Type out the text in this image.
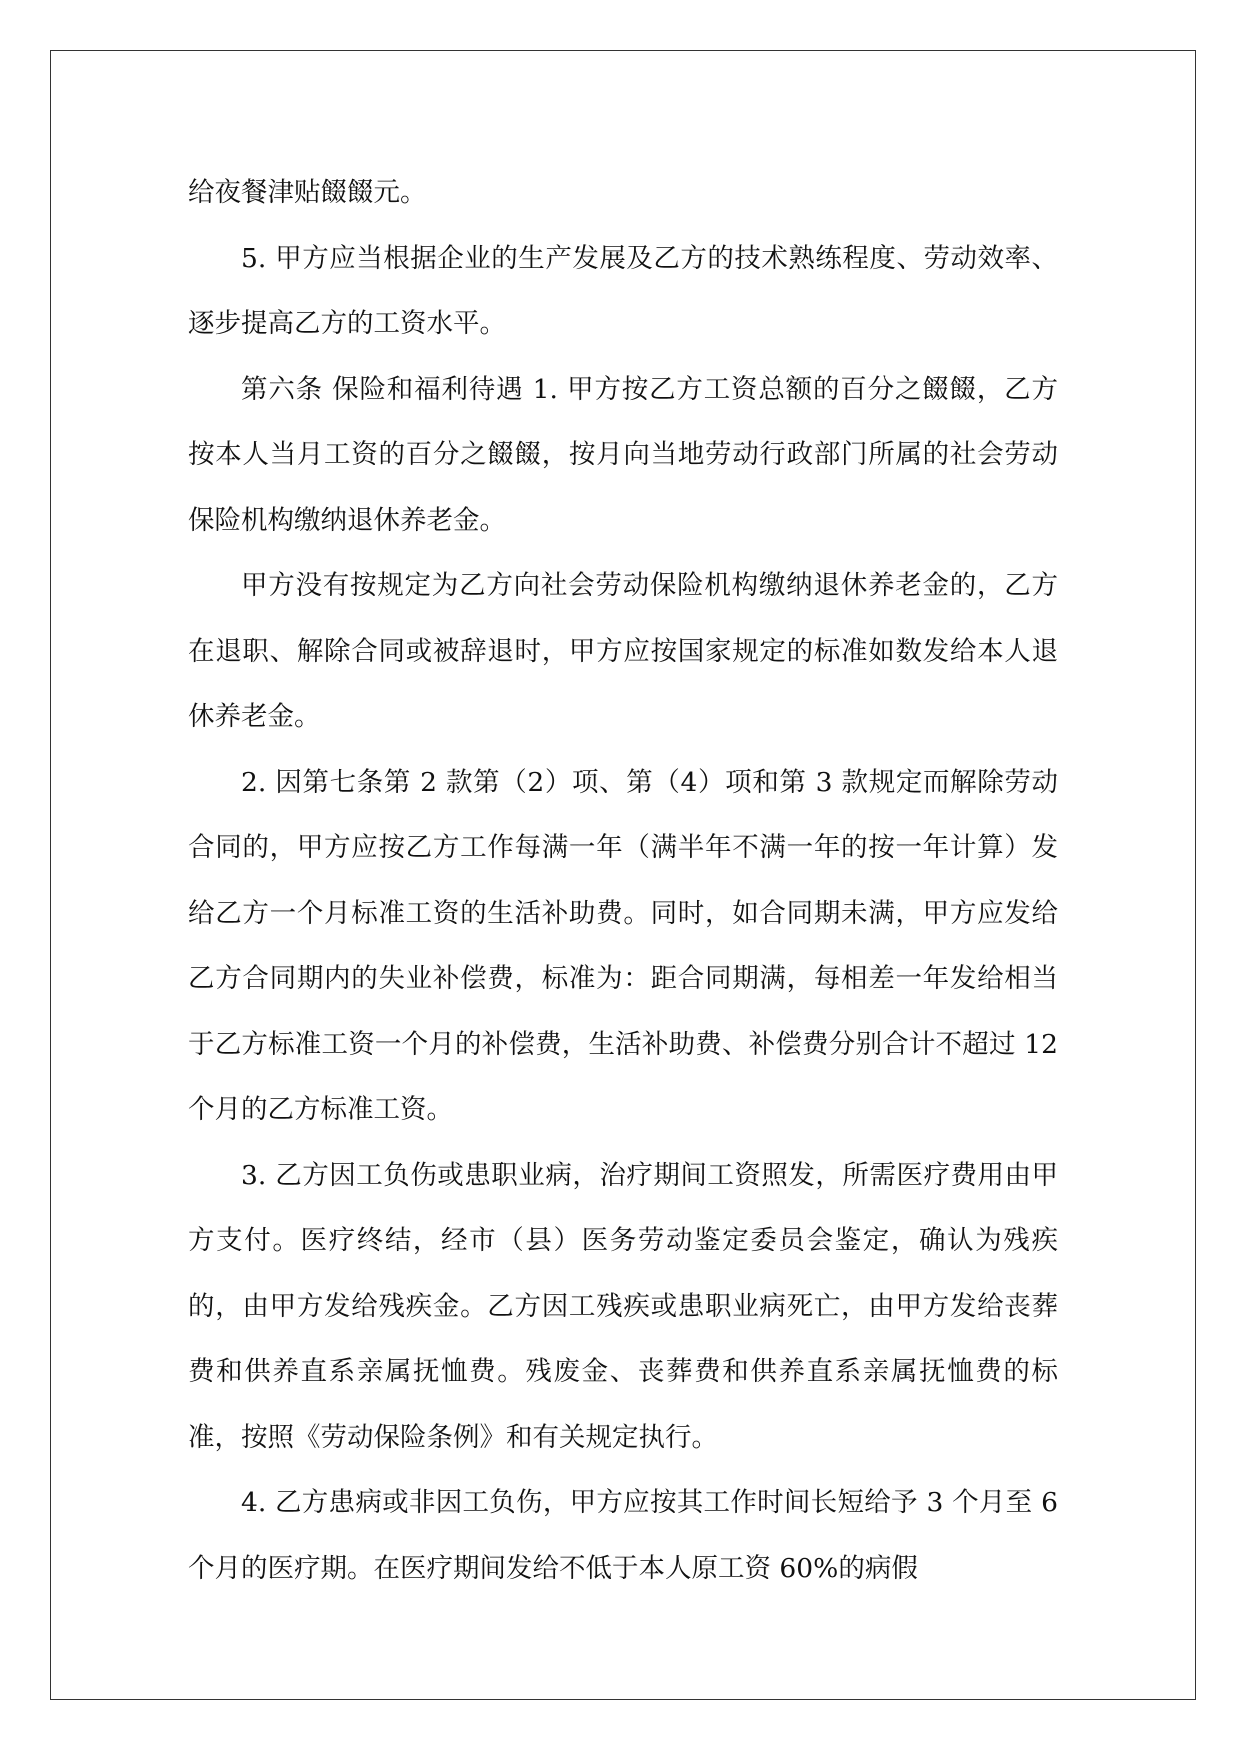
给夜餐津贴餟餟元。

5. 甲方应当根据企业的生产发展及乙方的技术熟练程度、劳动效率、逐步提高乙方的工资水平。

第六条 保险和福利待遇 1. 甲方按乙方工资总额的百分之餟餟，乙方按本人当月工资的百分之餟餟，按月向当地劳动行政部门所属的社会劳动保险机构缴纳退休养老金。

甲方没有按规定为乙方向社会劳动保险机构缴纳退休养老金的，乙方在退职、解除合同或被辞退时，甲方应按国家规定的标准如数发给本人退休养老金。

2. 因第七条第 2 款第（2）项、第（4）项和第 3 款规定而解除劳动合同的，甲方应按乙方工作每满一年（满半年不满一年的按一年计算）发给乙方一个月标准工资的生活补助费。同时，如合同期未满，甲方应发给乙方合同期内的失业补偿费，标准为：距合同期满，每相差一年发给相当于乙方标准工资一个月的补偿费，生活补助费、补偿费分别合计不超过 12 个月的乙方标准工资。

3. 乙方因工负伤或患职业病，治疗期间工资照发，所需医疗费用由甲方支付。医疗终结，经市（县）医务劳动鉴定委员会鉴定，确认为残疾的，由甲方发给残疾金。乙方因工残疾或患职业病死亡，由甲方发给丧葬费和供养直系亲属抚恤费。残废金、丧葬费和供养直系亲属抚恤费的标准，按照《劳动保险条例》和有关规定执行。

4. 乙方患病或非因工负伤，甲方应按其工作时间长短给予 3 个月至 6 个月的医疗期。在医疗期间发给不低于本人原工资 60%的病假
